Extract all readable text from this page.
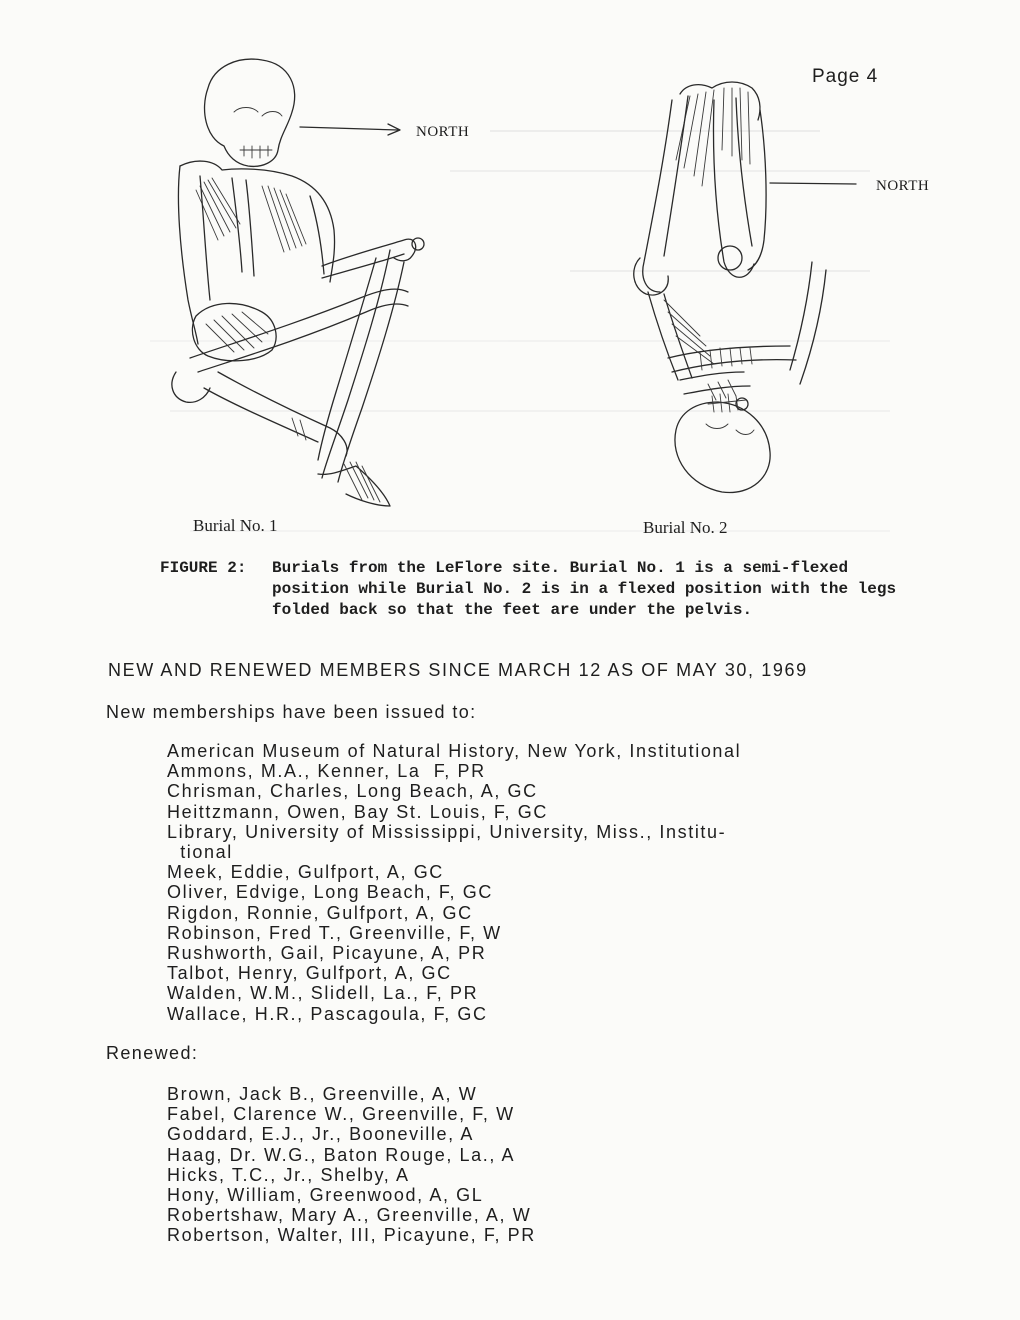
Page 4
NORTH
NORTH
Burial No. 1	Burial No. 2
FIGURE 2: Burials from the LeFlore site. Burial No. 1 is a semi-flexed position while Burial No. 2 is in a flexed position with the legs folded back so that the feet are under the pelvis.
NEW AND RENEWED MEMBERS SINCE MARCH 12 AS OF MAY 30, 1969
New memberships have been issued to:
American Museum of Natural History, New York, Institutional
Ammons, M.A., Kenner, La  F, PR
Chrisman, Charles, Long Beach, A, GC
Heittzmann, Owen, Bay St. Louis, F, GC
Library, University of Mississippi, University, Miss., Institu-
tional
Meek, Eddie, Gulfport, A, GC
Oliver, Edvige, Long Beach, F, GC
Rigdon, Ronnie, Gulfport, A, GC
Robinson, Fred T., Greenville, F, W
Rushworth, Gail, Picayune, A, PR
Talbot, Henry, Gulfport, A, GC
Walden, W.M., Slidell, La., F, PR
Wallace, H.R., Pascagoula, F, GC
Renewed:
Brown, Jack B., Greenville, A, W
Fabel, Clarence W., Greenville, F, W
Goddard, E.J., Jr., Booneville, A
Haag, Dr. W.G., Baton Rouge, La., A
Hicks, T.C., Jr., Shelby, A
Hony, William, Greenwood, A, GL
Robertshaw, Mary A., Greenville, A, W
Robertson, Walter, III, Picayune, F, PR
